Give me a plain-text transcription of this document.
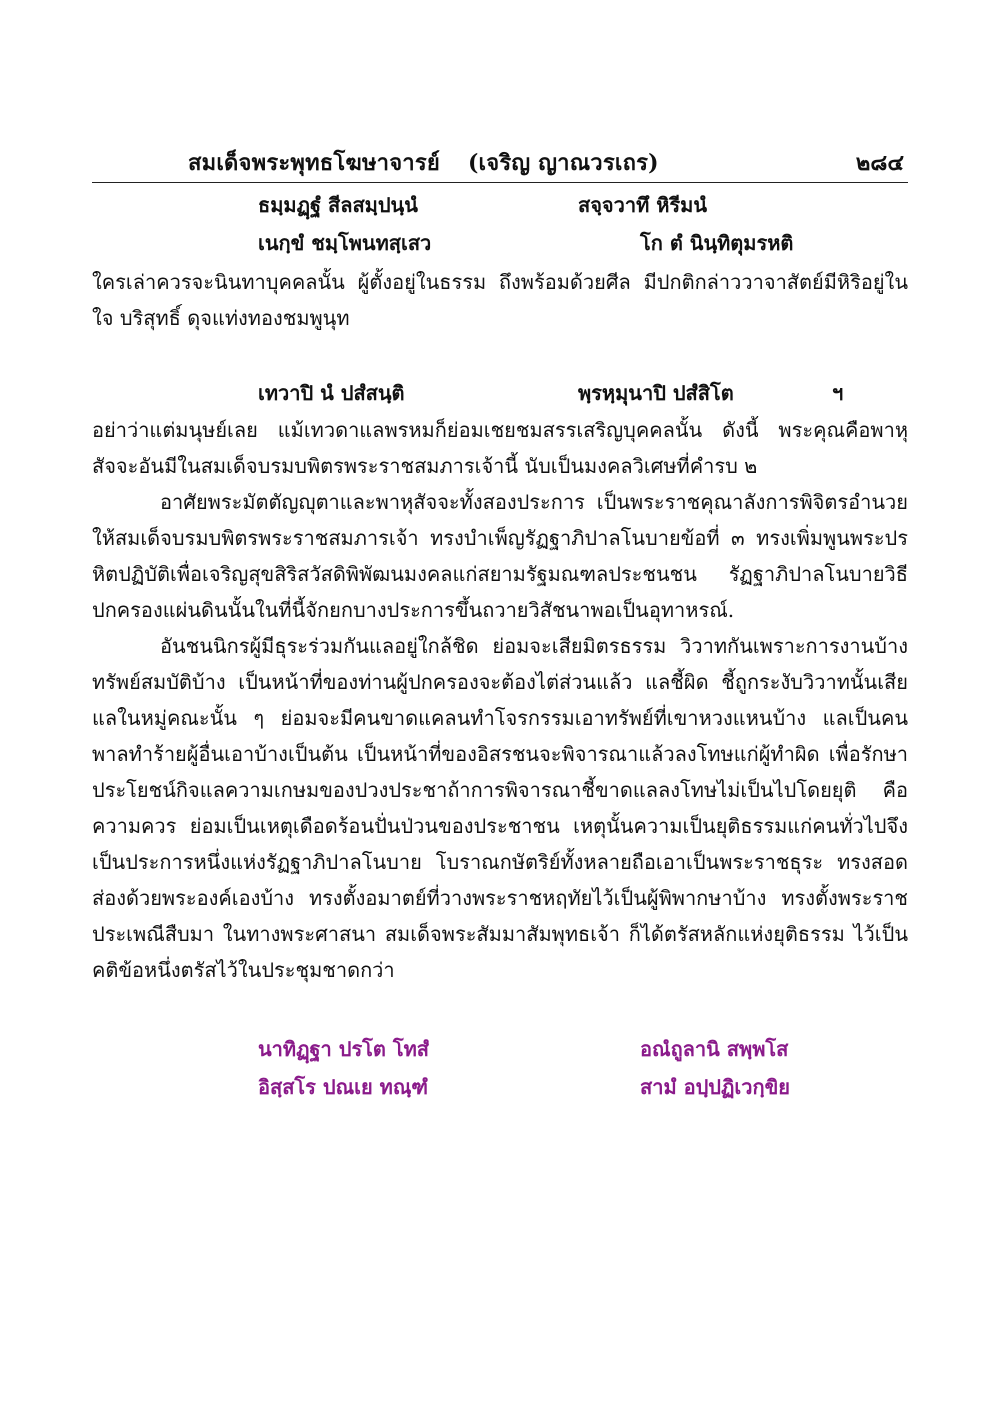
สมเด็จพระพุทธโฆษาจารย์ (เจริญ ญาณวรเถร)	๒๘๔
ธมฺมฏฺฐํ สีลสมฺปนฺนํ	สจฺจวาทึ หิรีมนํ
เนกฺขํ ชมฺโพนทสฺเสว	โก ตํ นินฺทิตุมรหติ

ใครเล่าควรจะนินทาบุคคลนั้น ผู้ตั้งอยู่ในธรรม ถึงพร้อมด้วยศีล มีปกติกล่าววาจาสัตย์มีหิริอยู่ในใจ บริสุทธิ์ ดุจแท่งทองชมพูนุท

เทวาปิ นํ ปสํสนฺติ	พฺรหฺมุนาปิ ปสํสิโต	ฯ

อย่าว่าแต่มนุษย์เลย แม้เทวดาแลพรหมก็ย่อมเชยชมสรรเสริญบุคคลนั้น ดังนี้ พระคุณคือพาหุสัจจะอันมีในสมเด็จบรมบพิตรพระราชสมภารเจ้านี้ นับเป็นมงคลวิเศษที่คำรบ ๒

อาศัยพระมัตตัญญุตาและพาหุสัจจะทั้งสองประการ เป็นพระราชคุณาลังการพิจิตรอำนวยให้สมเด็จบรมบพิตรพระราชสมภารเจ้า ทรงบำเพ็ญรัฏฐาภิปาลโนบายข้อที่ ๓ ทรงเพิ่มพูนพระปรหิตปฏิบัติเพื่อเจริญสุขสิริสวัสดิพิพัฒนมงคลแก่สยามรัฐมณฑลประชนชน รัฏฐาภิปาลโนบายวิธีปกครองแผ่นดินนั้นในที่นี้จักยกบางประการขึ้นถวายวิสัชนาพอเป็นอุทาหรณ์.

อันชนนิกรผู้มีธุระร่วมกันแลอยู่ใกล้ชิด ย่อมจะเสียมิตรธรรม วิวาทกันเพราะการงานบ้าง ทรัพย์สมบัติบ้าง เป็นหน้าที่ของท่านผู้ปกครองจะต้องไต่ส่วนแล้ว แลชี้ผิด ชี้ถูกระงับวิวาทนั้นเสีย แลในหมู่คณะนั้น ๆ ย่อมจะมีคนขาดแคลนทำโจรกรรมเอาทรัพย์ที่เขาหวงแหนบ้าง แลเป็นคนพาลทำร้ายผู้อื่นเอาบ้างเป็นต้น เป็นหน้าที่ของอิสรชนจะพิจารณาแล้วลงโทษแก่ผู้ทำผิด เพื่อรักษาประโยชน์กิจแลความเกษมของปวงประชาถ้าการพิจารณาชี้ขาดแลลงโทษไม่เป็นไปโดยยุติ คือความควร ย่อมเป็นเหตุเดือดร้อนปั่นป่วนของประชาชน เหตุนั้นความเป็นยุติธรรมแก่คนทั่วไปจึงเป็นประการหนึ่งแห่งรัฏฐาภิปาลโนบาย โบราณกษัตริย์ทั้งหลายถือเอาเป็นพระราชธุระ ทรงสอดส่องด้วยพระองค์เองบ้าง ทรงตั้งอมาตย์ที่วางพระราชหฤทัยไว้เป็นผู้พิพากษาบ้าง ทรงตั้งพระราชประเพณีสืบมา ในทางพระศาสนา สมเด็จพระสัมมาสัมพุทธเจ้า ก็ได้ตรัสหลักแห่งยุติธรรม ไว้เป็นคติข้อหนึ่งตรัสไว้ในประชุมชาดกว่า

นาทิฏฺฐา ปรโต โทสํ	อณํถูลานิ สพฺพโส
อิสฺสโร ปณเย ทณฺฑํ	สามํ อปฺปฏิเวกฺขิย
